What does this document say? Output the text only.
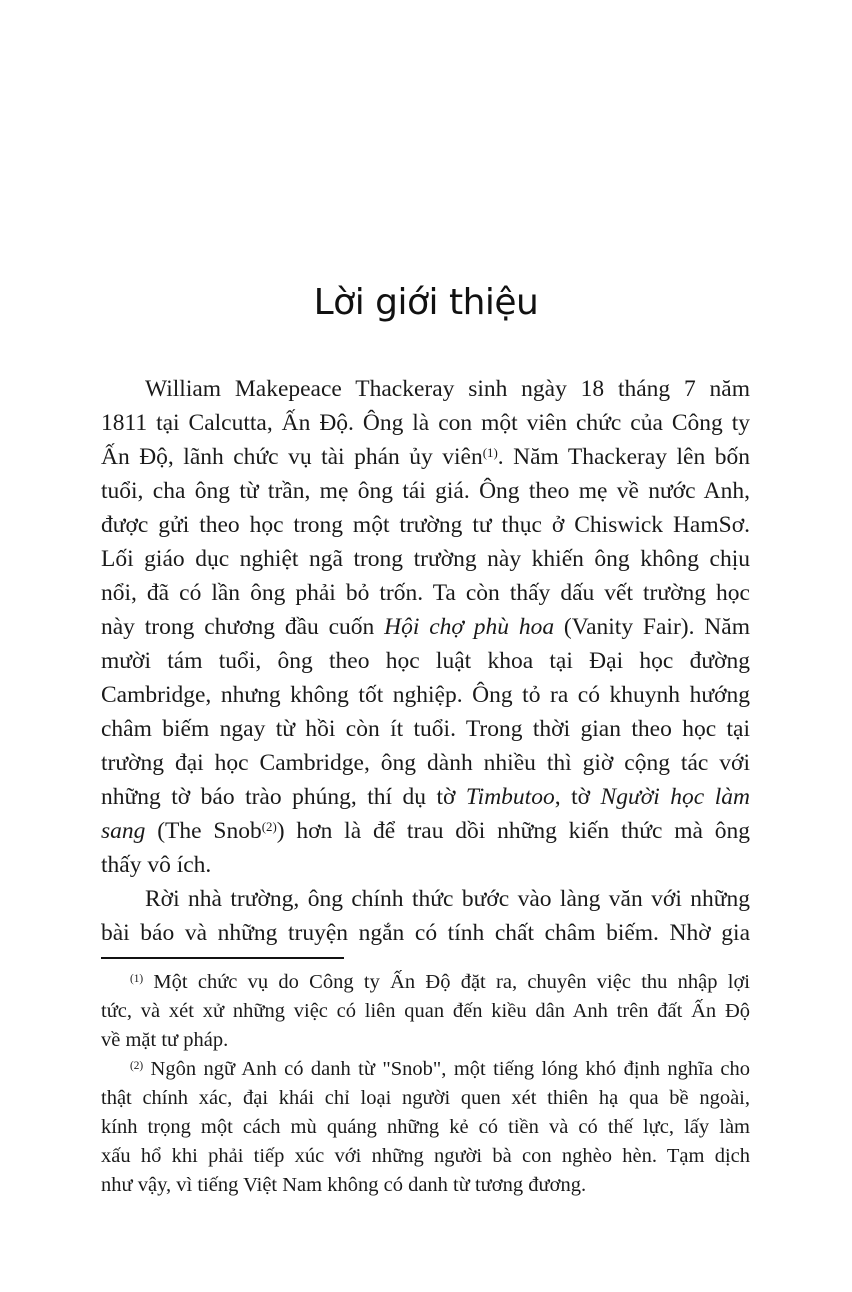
Lời giới thiệu
William Makepeace Thackeray sinh ngày 18 tháng 7 năm
1811 tại Calcutta, Ấn Độ. Ông là con một viên chức của Công ty
Ấn Độ, lãnh chức vụ tài phán ủy viên$^{(1)}$. Năm Thackeray lên bốn
tuổi, cha ông từ trần, mẹ ông tái giá. Ông theo mẹ về nước Anh,
được gửi theo học trong một trường tư thục ở Chiswick HamSơ.
Lối giáo dục nghiệt ngã trong trường này khiến ông không chịu
nổi, đã có lần ông phải bỏ trốn. Ta còn thấy dấu vết trường học
này trong chương đầu cuốn Hội chợ phù hoa (Vanity Fair). Năm
mười tám tuổi, ông theo học luật khoa tại Đại học đường
Cambridge, nhưng không tốt nghiệp. Ông tỏ ra có khuynh hướng
châm biếm ngay từ hồi còn ít tuổi. Trong thời gian theo học tại
trường đại học Cambridge, ông dành nhiều thì giờ cộng tác với
những tờ báo trào phúng, thí dụ tờ Timbutoo, tờ Người học làm
sang (The Snob$^{(2)}$) hơn là để trau dồi những kiến thức mà ông
thấy vô ích.
Rời nhà trường, ông chính thức bước vào làng văn với những
bài báo và những truyện ngắn có tính chất châm biếm. Nhờ gia
$^{(1)}$ Một chức vụ do Công ty Ấn Độ đặt ra, chuyên việc thu nhập lợi
tức, và xét xử những việc có liên quan đến kiều dân Anh trên đất Ấn Độ
về mặt tư pháp.
$^{(2)}$ Ngôn ngữ Anh có danh từ "Snob", một tiếng lóng khó định nghĩa cho
thật chính xác, đại khái chỉ loại người quen xét thiên hạ qua bề ngoài,
kính trọng một cách mù quáng những kẻ có tiền và có thế lực, lấy làm
xấu hổ khi phải tiếp xúc với những người bà con nghèo hèn. Tạm dịch
như vậy, vì tiếng Việt Nam không có danh từ tương đương.
